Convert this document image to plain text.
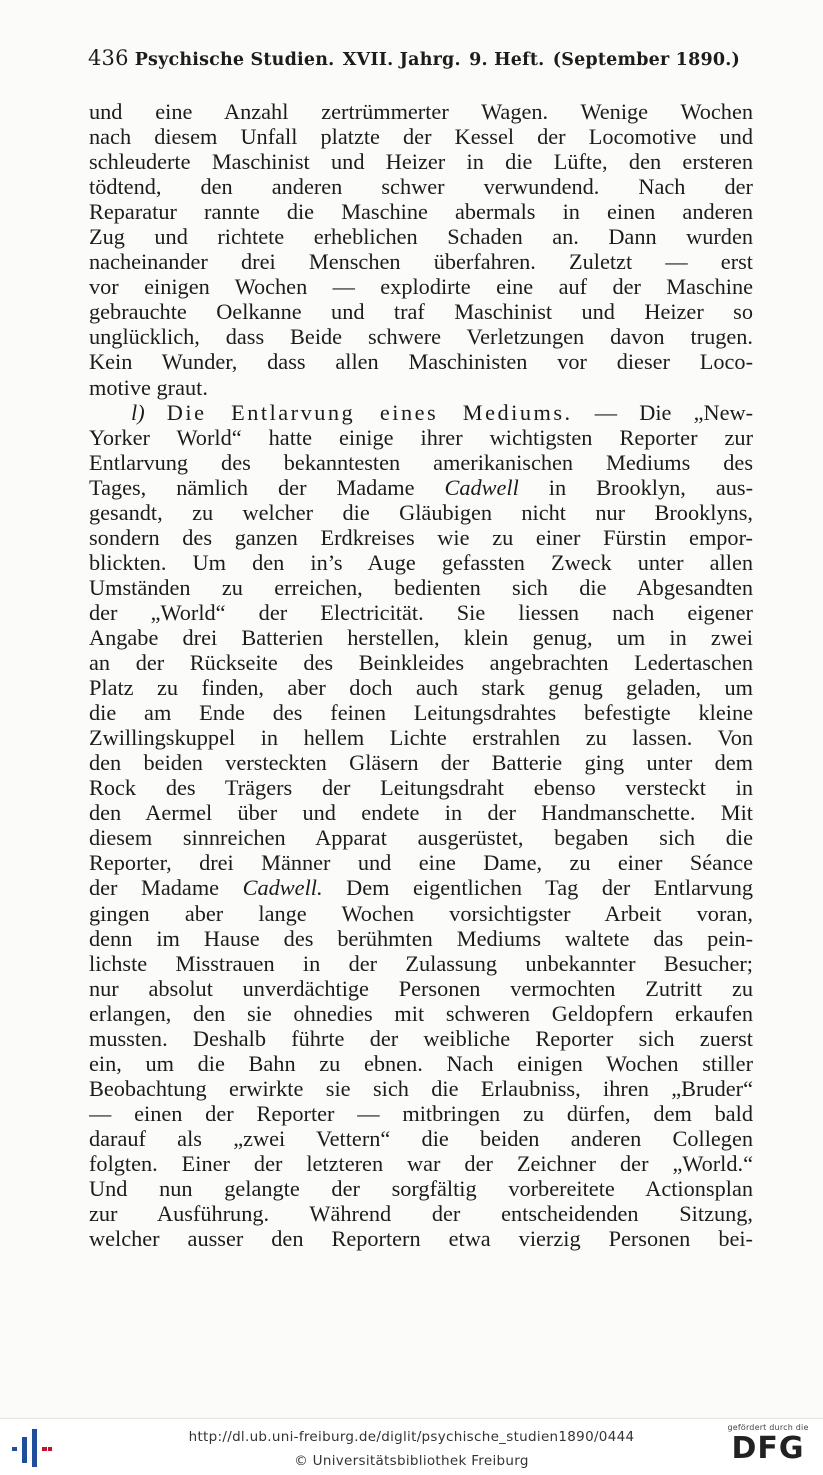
436 Psychische Studien. XVII. Jahrg. 9. Heft. (September 1890.)
und eine Anzahl zertrümmerter Wagen. Wenige Wochen
nach diesem Unfall platzte der Kessel der Locomotive und
schleuderte Maschinist und Heizer in die Lüfte, den ersteren
tödtend, den anderen schwer verwundend. Nach der
Reparatur rannte die Maschine abermals in einen anderen
Zug und richtete erheblichen Schaden an. Dann wurden
nacheinander drei Menschen überfahren. Zuletzt — erst
vor einigen Wochen — explodirte eine auf der Maschine
gebrauchte Oelkanne und traf Maschinist und Heizer so
unglücklich, dass Beide schwere Verletzungen davon trugen.
Kein Wunder, dass allen Maschinisten vor dieser Loco-
motive graut.
l) Die Entlarvung eines Mediums. — Die „New-
Yorker World“ hatte einige ihrer wichtigsten Reporter zur
Entlarvung des bekanntesten amerikanischen Mediums des
Tages, nämlich der Madame Cadwell in Brooklyn, aus-
gesandt, zu welcher die Gläubigen nicht nur Brooklyns,
sondern des ganzen Erdkreises wie zu einer Fürstin empor-
blickten. Um den in’s Auge gefassten Zweck unter allen
Umständen zu erreichen, bedienten sich die Abgesandten
der „World“ der Electricität. Sie liessen nach eigener
Angabe drei Batterien herstellen, klein genug, um in zwei
an der Rückseite des Beinkleides angebrachten Ledertaschen
Platz zu finden, aber doch auch stark genug geladen, um
die am Ende des feinen Leitungsdrahtes befestigte kleine
Zwillingskuppel in hellem Lichte erstrahlen zu lassen. Von
den beiden versteckten Gläsern der Batterie ging unter dem
Rock des Trägers der Leitungsdraht ebenso versteckt in
den Aermel über und endete in der Handmanschette. Mit
diesem sinnreichen Apparat ausgerüstet, begaben sich die
Reporter, drei Männer und eine Dame, zu einer Séance
der Madame Cadwell. Dem eigentlichen Tag der Entlarvung
gingen aber lange Wochen vorsichtigster Arbeit voran,
denn im Hause des berühmten Mediums waltete das pein-
lichste Misstrauen in der Zulassung unbekannter Besucher;
nur absolut unverdächtige Personen vermochten Zutritt zu
erlangen, den sie ohnedies mit schweren Geldopfern erkaufen
mussten. Deshalb führte der weibliche Reporter sich zuerst
ein, um die Bahn zu ebnen. Nach einigen Wochen stiller
Beobachtung erwirkte sie sich die Erlaubniss, ihren „Bruder“
— einen der Reporter — mitbringen zu dürfen, dem bald
darauf als „zwei Vettern“ die beiden anderen Collegen
folgten. Einer der letzteren war der Zeichner der „World.“
Und nun gelangte der sorgfältig vorbereitete Actionsplan
zur Ausführung. Während der entscheidenden Sitzung,
welcher ausser den Reportern etwa vierzig Personen bei-
http://dl.ub.uni-freiburg.de/diglit/psychische_studien1890/0444
© Universitätsbibliothek Freiburg
gefördert durch die
DFG
